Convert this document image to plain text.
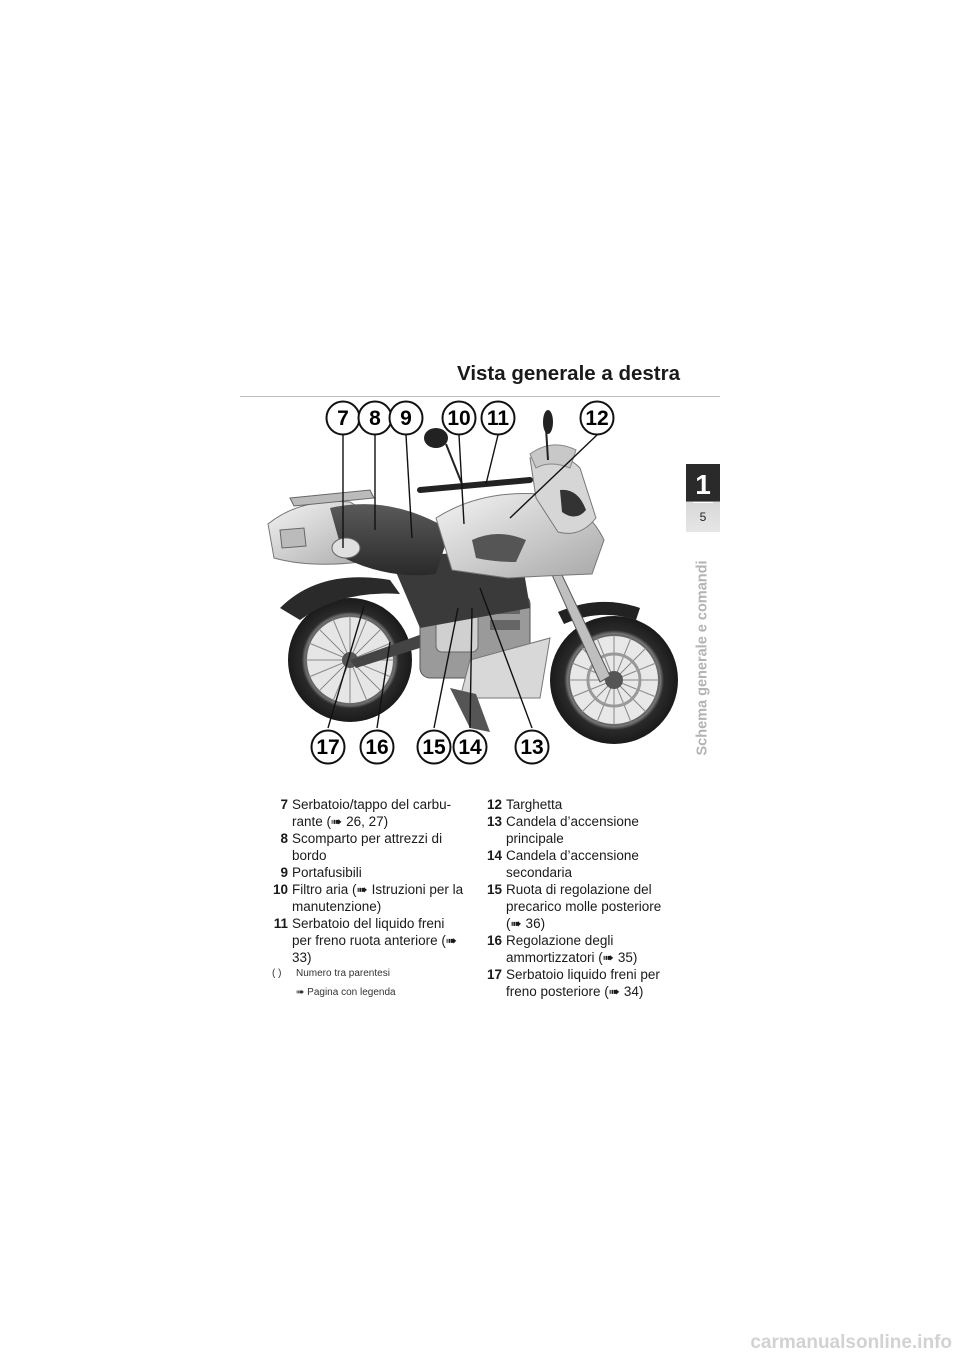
Vista generale a destra
1
5
Schema generale e comandi
7 8 9 10 11	12
17 16 15 14 13
7 Serbatoio/tappo del carbu-rante (➠ 26, 27)
8 Scomparto per attrezzi di bordo
9 Portafusibili
10 Filtro aria (➠ Istruzioni per la manutenzione)
11 Serbatoio del liquido freni per freno ruota anteriore (➠ 33)
12 Targhetta
13 Candela d’accensione principale
14 Candela d’accensione secondaria
15 Ruota di regolazione del precarico molle posteriore (➠ 36)
16 Regolazione degli ammortizzatori (➠ 35)
17 Serbatoio liquido freni per freno posteriore (➠ 34)
( )	Numero tra parentesi
➠ Pagina con legenda
carmanualsonline.info
